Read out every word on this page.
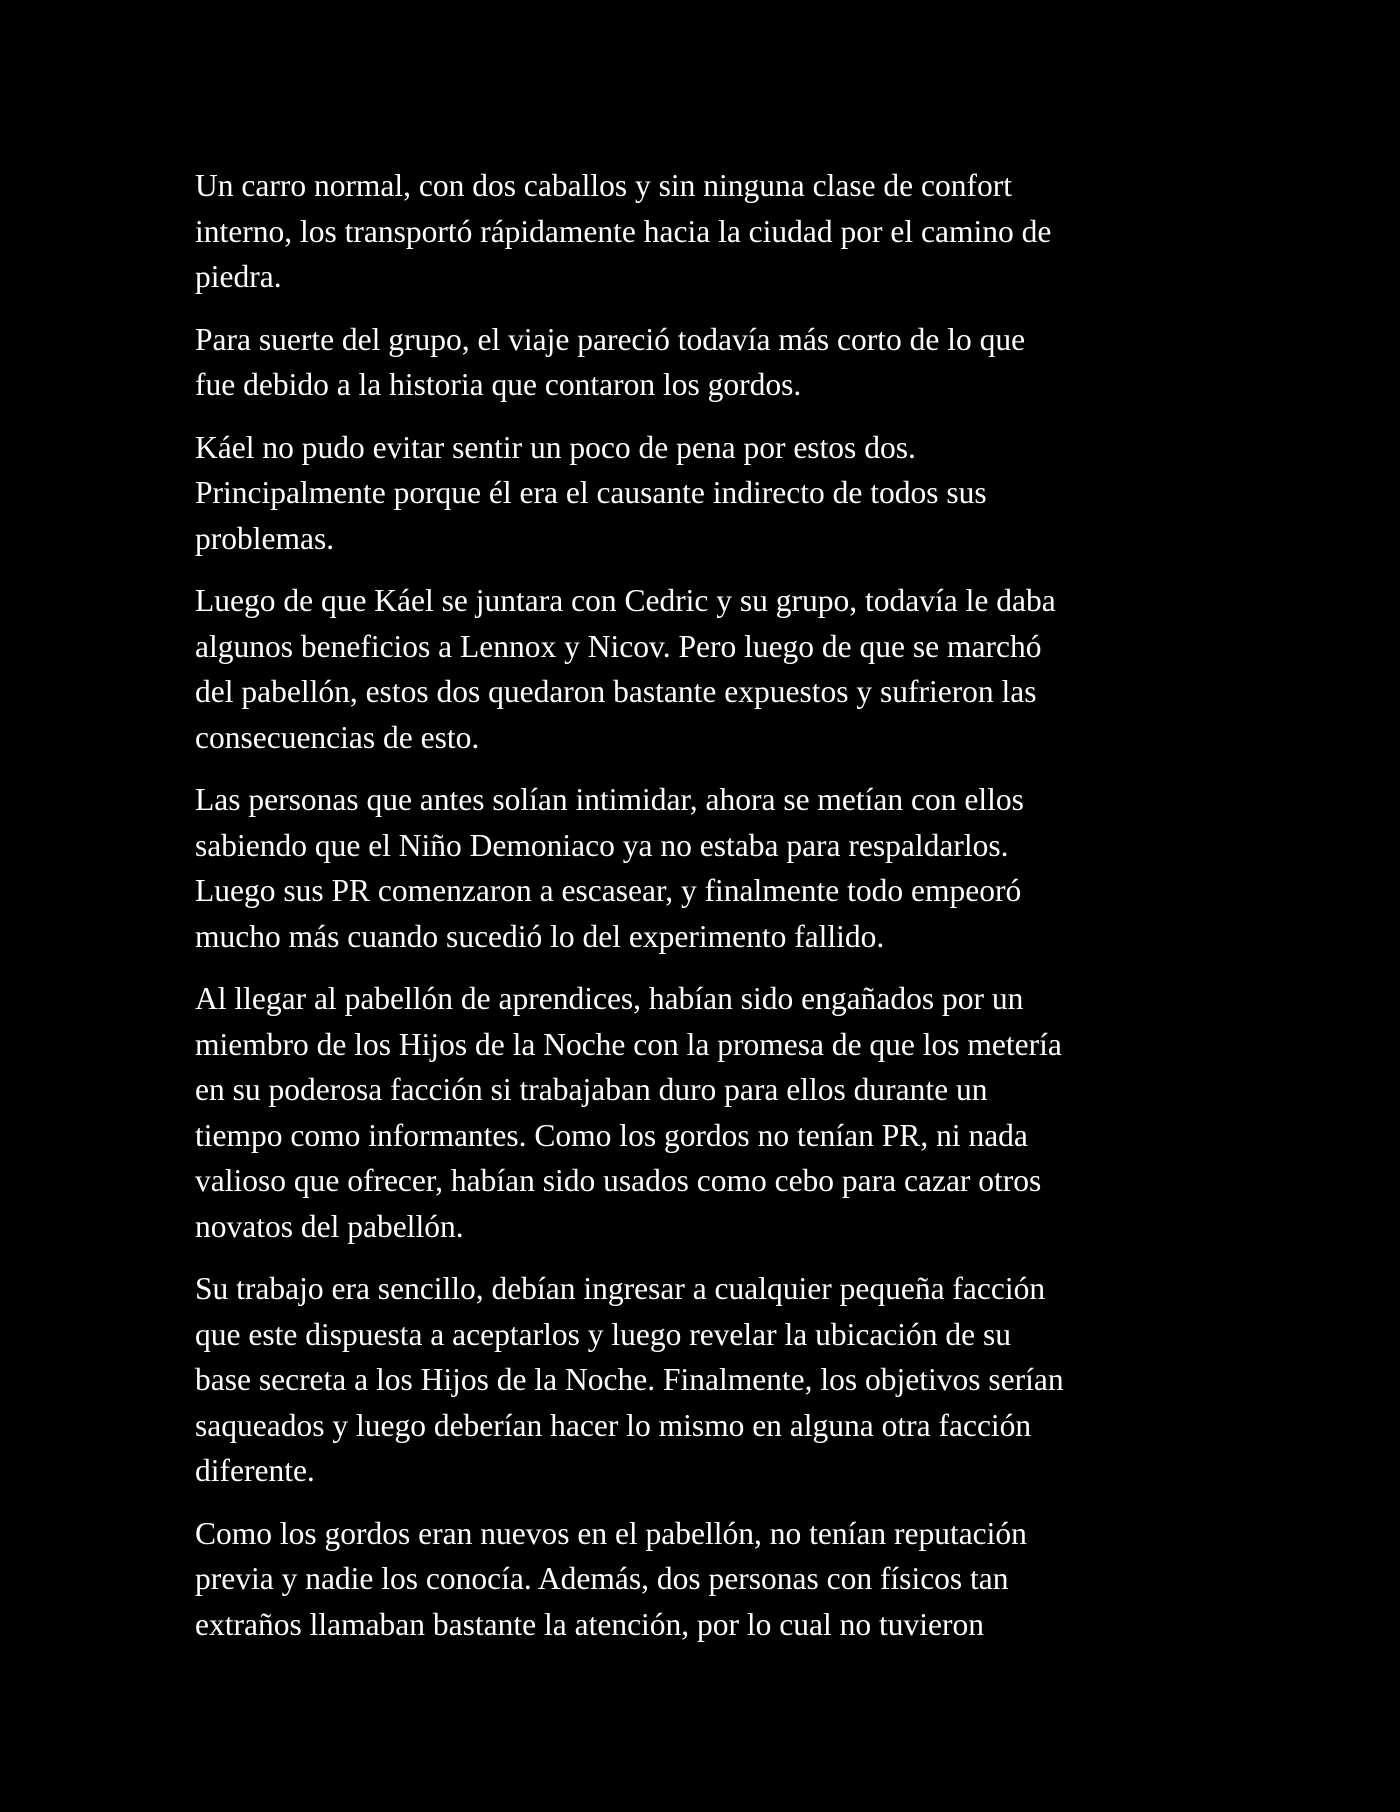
Un carro normal, con dos caballos y sin ninguna clase de confort
interno, los transportó rápidamente hacia la ciudad por el camino de
piedra.

Para suerte del grupo, el viaje pareció todavía más corto de lo que
fue debido a la historia que contaron los gordos.

Káel no pudo evitar sentir un poco de pena por estos dos.
Principalmente porque él era el causante indirecto de todos sus
problemas.

Luego de que Káel se juntara con Cedric y su grupo, todavía le daba
algunos beneficios a Lennox y Nicov. Pero luego de que se marchó
del pabellón, estos dos quedaron bastante expuestos y sufrieron las
consecuencias de esto.

Las personas que antes solían intimidar, ahora se metían con ellos
sabiendo que el Niño Demoniaco ya no estaba para respaldarlos.
Luego sus PR comenzaron a escasear, y finalmente todo empeoró
mucho más cuando sucedió lo del experimento fallido.

Al llegar al pabellón de aprendices, habían sido engañados por un
miembro de los Hijos de la Noche con la promesa de que los metería
en su poderosa facción si trabajaban duro para ellos durante un
tiempo como informantes. Como los gordos no tenían PR, ni nada
valioso que ofrecer, habían sido usados como cebo para cazar otros
novatos del pabellón.

Su trabajo era sencillo, debían ingresar a cualquier pequeña facción
que este dispuesta a aceptarlos y luego revelar la ubicación de su
base secreta a los Hijos de la Noche. Finalmente, los objetivos serían
saqueados y luego deberían hacer lo mismo en alguna otra facción
diferente.

Como los gordos eran nuevos en el pabellón, no tenían reputación
previa y nadie los conocía. Además, dos personas con físicos tan
extraños llamaban bastante la atención, por lo cual no tuvieron
